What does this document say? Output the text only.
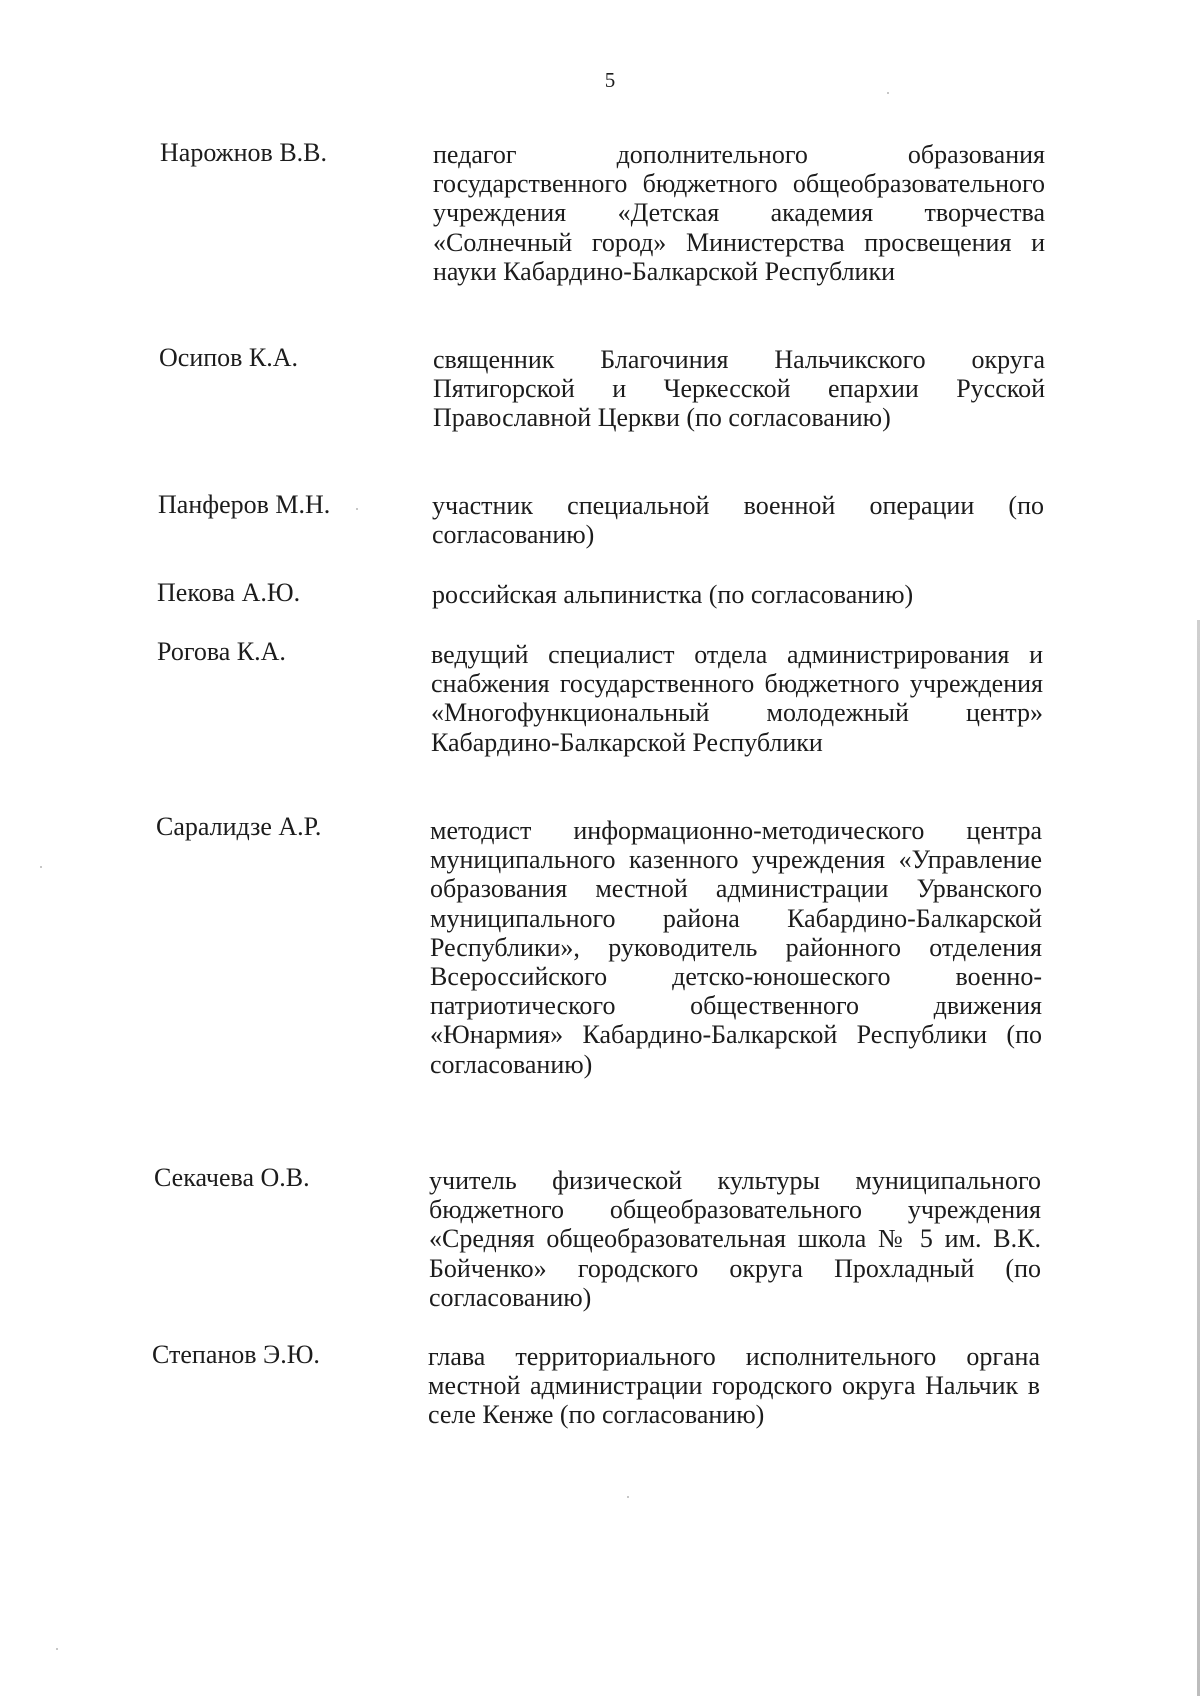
5
Нарожнов В.В.	педагог дополнительного образования государственного бюджетного общеобразовательного учреждения «Детская академия творчества «Солнечный город» Министерства просвещения и науки Кабардино-Балкарской Республики
Осипов К.А.	священник Благочиния Нальчикского округа Пятигорской и Черкесской епархии Русской Православной Церкви (по согласованию)
Панферов М.Н.	участник специальной военной операции (по согласованию)
Пекова А.Ю.	российская альпинистка (по согласованию)
Рогова К.А.	ведущий специалист отдела администрирования и снабжения государственного бюджетного учреждения «Многофункциональный молодежный центр» Кабардино-Балкарской Республики
Саралидзе А.Р.	методист информационно-методического центра муниципального казенного учреждения «Управление образования местной администрации Урванского муниципального района Кабардино-Балкарской Республики», руководитель районного отделения Всероссийского детско-юношеского военно-патриотического общественного движения «Юнармия» Кабардино-Балкарской Республики (по согласованию)
Секачева О.В.	учитель физической культуры муниципального бюджетного общеобразовательного учреждения «Средняя общеобразовательная школа № 5 им. В.К. Бойченко» городского округа Прохладный (по согласованию)
Степанов Э.Ю.	глава территориального исполнительного органа местной администрации городского округа Нальчик в селе Кенже (по согласованию)
